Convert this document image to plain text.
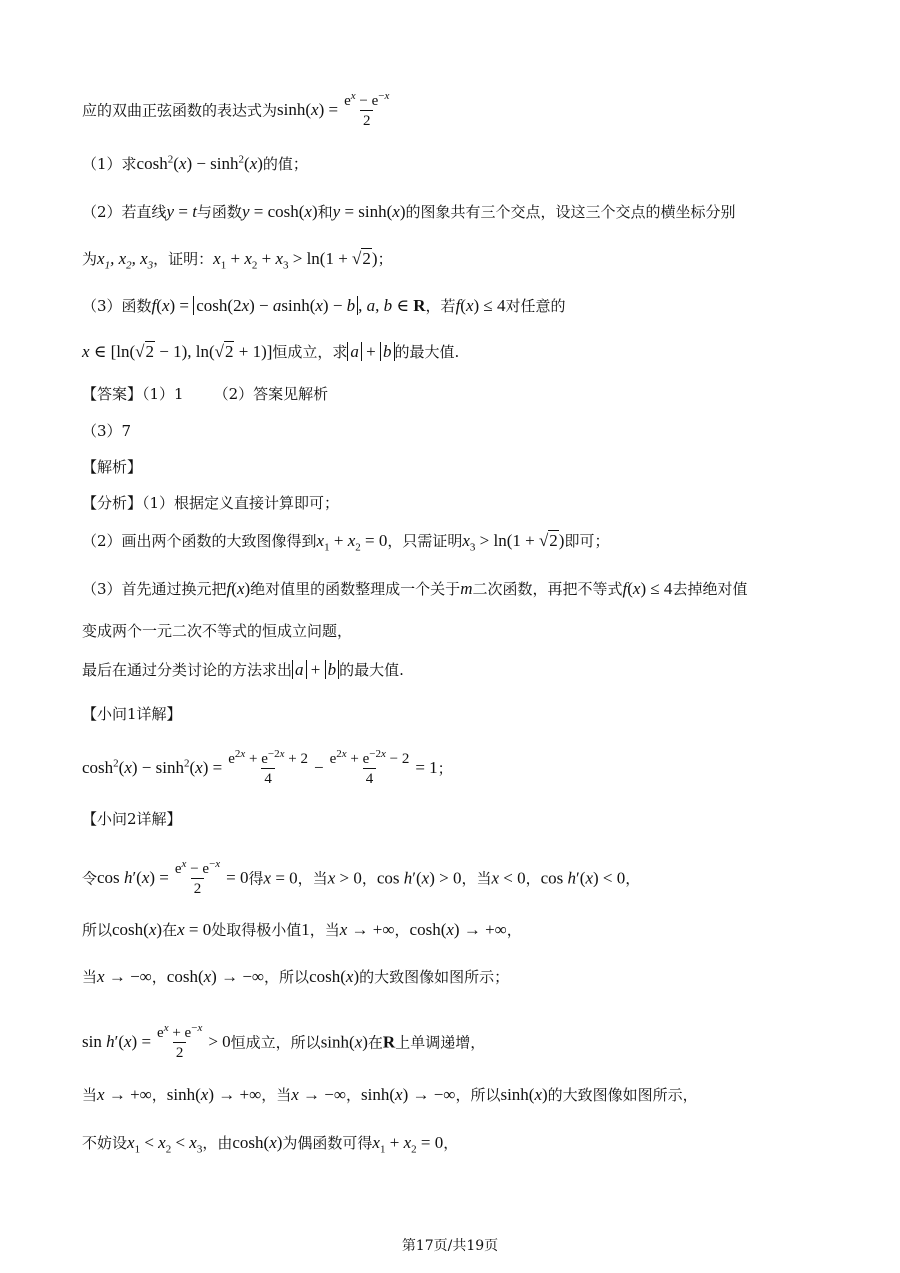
应的双曲正弦函数的表达式为$\sinh(x) = \frac{e^x - e^{-x}}{2}$
（1）求$\cosh^2(x) - \sinh^2(x)$的值；
（2）若直线y = t与函数y = cosh(x)和y = sinh(x)的图象共有三个交点，设这三个交点的横坐标分别
为$x_1$, $x_2$, $x_3$，证明：$x_1 + x_2 + x_3 > \ln(1 + √2)$；
（3）函数f(x) = cosh(2x) − asinh(x) − b , a, b ∈ R，若f(x) ≤ 4对任意的
x ∈ [ln(√2 − 1), ln(√2 + 1)]恒成立，求 a + b 的最大值.
【答案】（1）1 （2）答案见解析
（3）7
【解析】
【分析】（1）根据定义直接计算即可；
（2）画出两个函数的大致图像得到$x_1 + x_2 = 0$，只需证明$x_3 > \ln(1 + √2)$即可；
（3）首先通过换元把f(x)绝对值里的函数整理成一个关于m二次函数，再把不等式f(x) ≤ 4去掉绝对值
变成两个一元二次不等式的恒成立问题，
最后在通过分类讨论的方法求出 a + b 的最大值.
【小问1详解】
$\cosh^2(x) - \sinh^2(x) = \frac{e^{2x} + e^{-2x} + 2}{4} - \frac{e^{2x} + e^{-2x} - 2}{4} = 1$；
【小问2详解】
令$\cos h'(x) = \frac{e^x - e^{-x}}{2} = 0$得x = 0，当x > 0，cos h′(x) > 0，当x < 0，cos h′(x) < 0，
所以cosh(x)在x = 0处取得极小值1，当x → +∞，cosh(x) → +∞，
当x → −∞，cosh(x) → −∞，所以cosh(x)的大致图像如图所示；
$\sin h'(x) = \frac{e^x + e^{-x}}{2} > 0$恒成立，所以sinh(x)在R上单调递增，
当x → +∞，sinh(x) → +∞，当x → −∞，sinh(x) → −∞，所以sinh(x)的大致图像如图所示，
不妨设$x_1 < x_2 < x_3$，由cosh(x)为偶函数可得$x_1 + x_2 = 0$，
第17页/共19页
